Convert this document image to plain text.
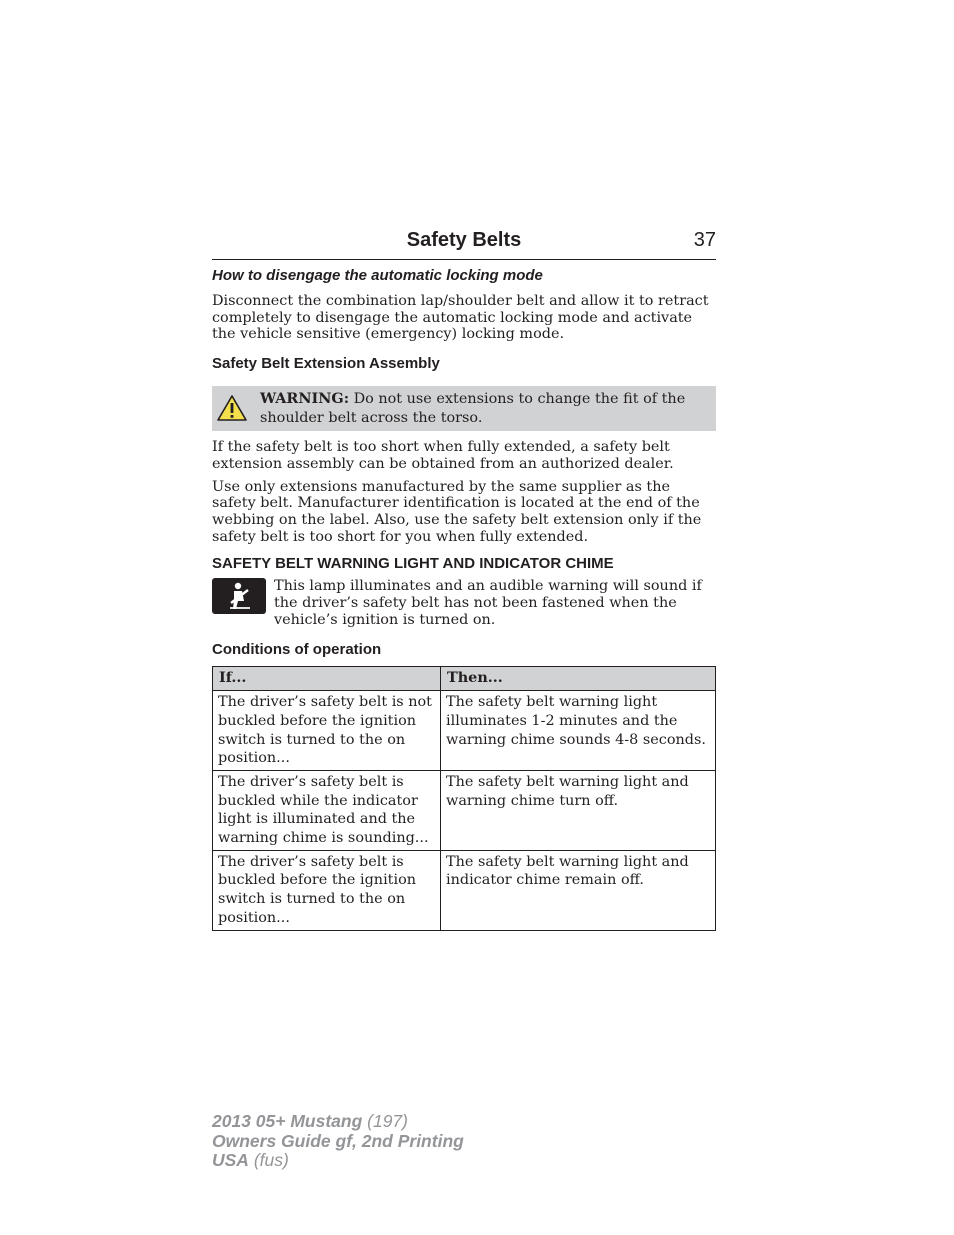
Safety Belts	37
How to disengage the automatic locking mode

Disconnect the combination lap/shoulder belt and allow it to retract completely to disengage the automatic locking mode and activate the vehicle sensitive (emergency) locking mode.

Safety Belt Extension Assembly

WARNING: Do not use extensions to change the fit of the shoulder belt across the torso.

If the safety belt is too short when fully extended, a safety belt extension assembly can be obtained from an authorized dealer.

Use only extensions manufactured by the same supplier as the safety belt. Manufacturer identification is located at the end of the webbing on the label. Also, use the safety belt extension only if the safety belt is too short for you when fully extended.

SAFETY BELT WARNING LIGHT AND INDICATOR CHIME

This lamp illuminates and an audible warning will sound if the driver’s safety belt has not been fastened when the vehicle’s ignition is turned on.

Conditions of operation
If...	Then...
The driver’s safety belt is not buckled before the ignition switch is turned to the on position...	The safety belt warning light illuminates 1-2 minutes and the warning chime sounds 4-8 seconds.
The driver’s safety belt is buckled while the indicator light is illuminated and the warning chime is sounding...	The safety belt warning light and warning chime turn off.
The driver’s safety belt is buckled before the ignition switch is turned to the on position...	The safety belt warning light and indicator chime remain off.
2013 05+ Mustang (197)
Owners Guide gf, 2nd Printing
USA (fus)
